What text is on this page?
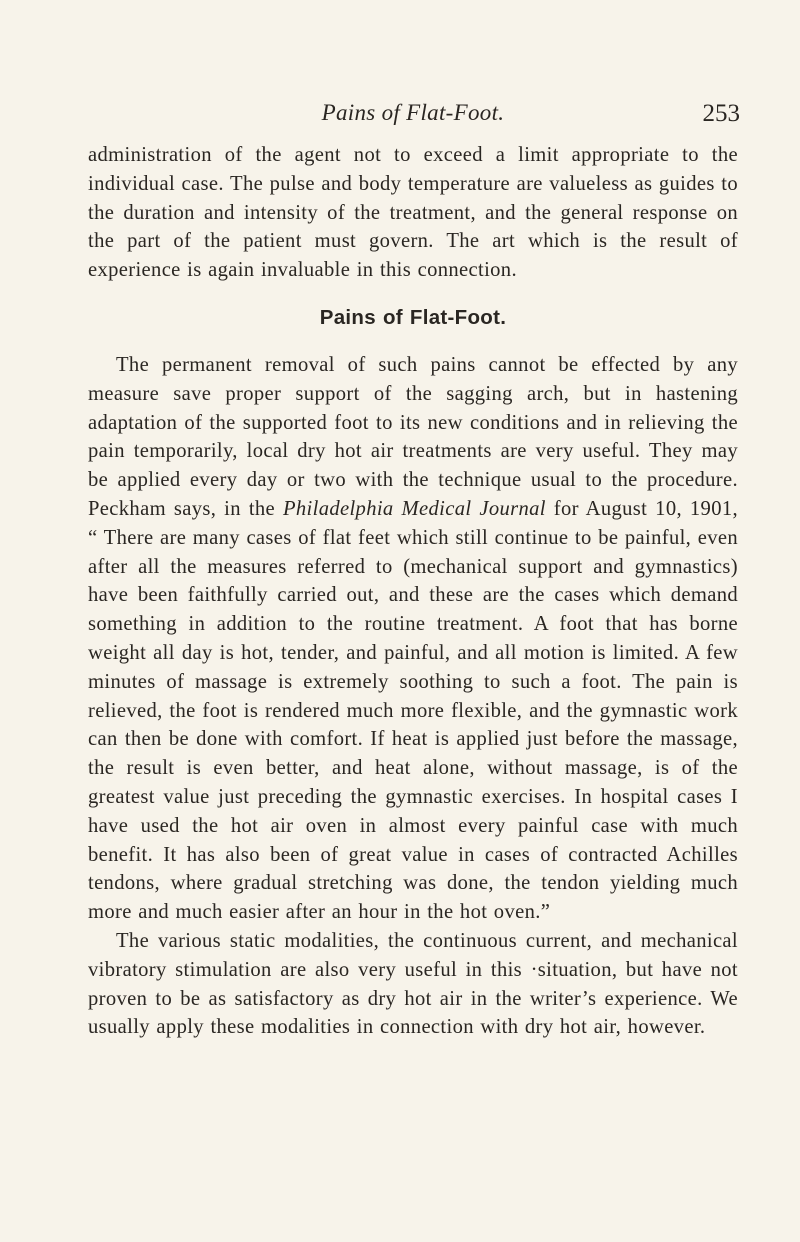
Pains of Flat-Foot.	253

administration of the agent not to exceed a limit appropriate to the individual case. The pulse and body temperature are valueless as guides to the duration and intensity of the treatment, and the general response on the part of the patient must govern. The art which is the result of experience is again invaluable in this connection.

Pains of Flat-Foot.

The permanent removal of such pains cannot be effected by any measure save proper support of the sagging arch, but in hastening adaptation of the supported foot to its new conditions and in relieving the pain temporarily, local dry hot air treatments are very useful. They may be applied every day or two with the technique usual to the procedure. Peckham says, in the Philadelphia Medical Journal for August 10, 1901, “ There are many cases of flat feet which still continue to be painful, even after all the measures referred to (mechanical support and gymnastics) have been faithfully carried out, and these are the cases which demand something in addition to the routine treatment. A foot that has borne weight all day is hot, tender, and painful, and all motion is limited. A few minutes of massage is extremely soothing to such a foot. The pain is relieved, the foot is rendered much more flexible, and the gymnastic work can then be done with comfort. If heat is applied just before the massage, the result is even better, and heat alone, without massage, is of the greatest value just preceding the gymnastic exercises. In hospital cases I have used the hot air oven in almost every painful case with much benefit. It has also been of great value in cases of contracted Achilles tendons, where gradual stretching was done, the tendon yielding much more and much easier after an hour in the hot oven.”

The various static modalities, the continuous current, and mechanical vibratory stimulation are also very useful in this ·situation, but have not proven to be as satisfactory as dry hot air in the writer’s experience. We usually apply these modalities in connection with dry hot air, however.
